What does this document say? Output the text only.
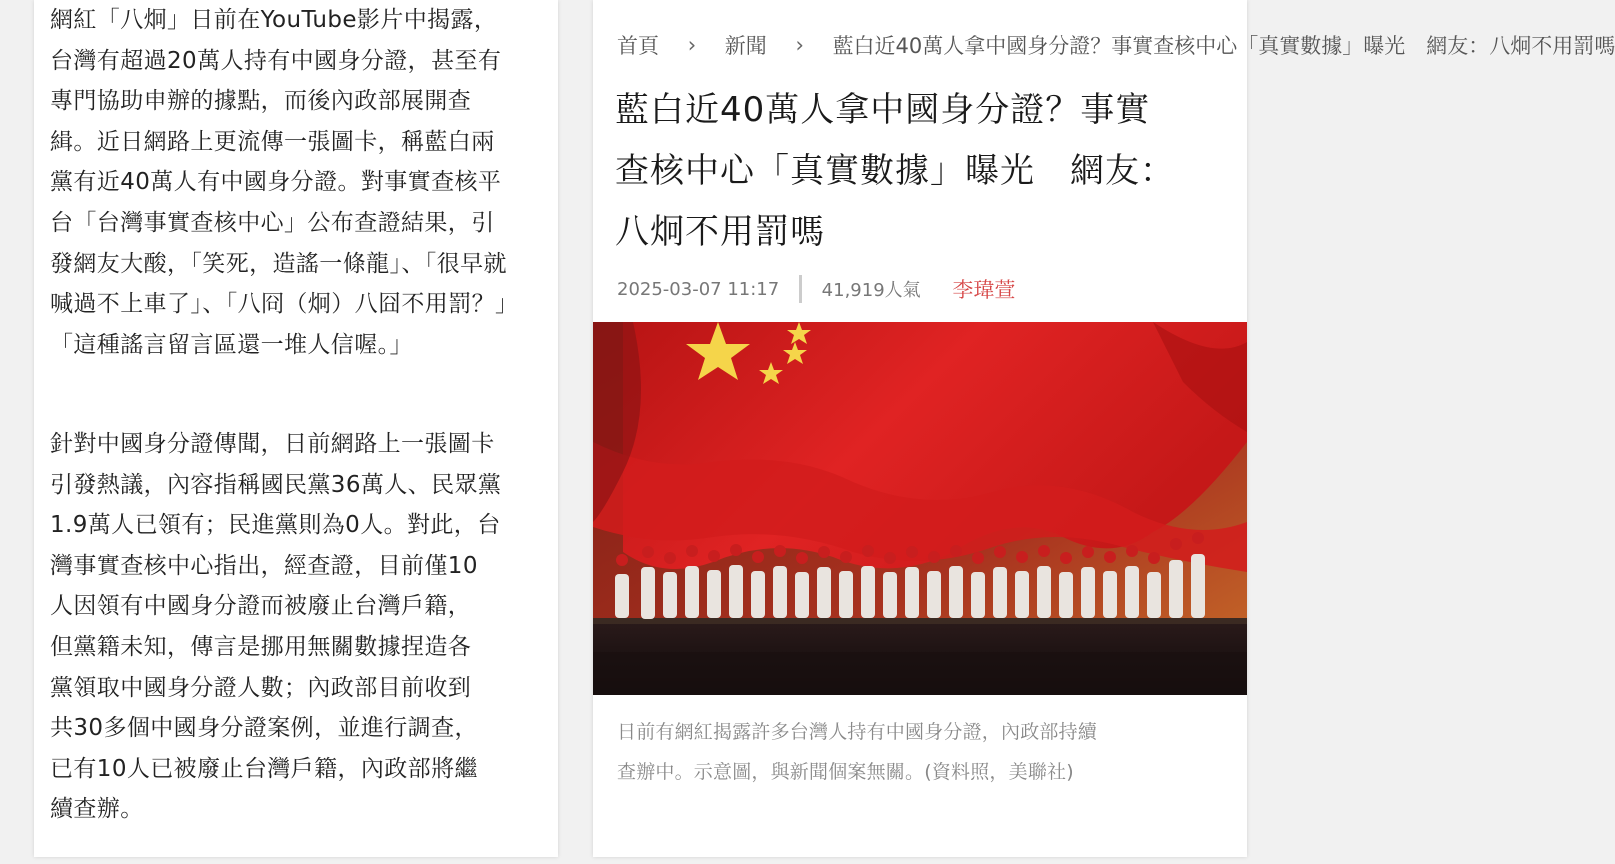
網紅「八炯」日前在YouTube影片中揭露，
台灣有超過20萬人持有中國身分證，甚至有
專門協助申辦的據點，而後內政部展開查
緝。近日網路上更流傳一張圖卡，稱藍白兩
黨有近40萬人有中國身分證。對事實查核平
台「台灣事實查核中心」公布查證結果，引
發網友大酸，「笑死，造謠一條龍」、「很早就
喊過不上車了」、「八冏（炯）八囧不用罰？」
「這種謠言留言區還一堆人信喔。」

針對中國身分證傳聞，日前網路上一張圖卡
引發熱議，內容指稱國民黨36萬人、民眾黨
1.9萬人已領有；民進黨則為0人。對此，台
灣事實查核中心指出，經查證，目前僅10
人因領有中國身分證而被廢止台灣戶籍，
但黨籍未知，傳言是挪用無關數據捏造各
黨領取中國身分證人數；內政部目前收到
共30多個中國身分證案例，並進行調查，
已有10人已被廢止台灣戶籍，內政部將繼
續查辦。

首頁 › 新聞 › 藍白近40萬人拿中國身分證？事實查核中心「真實數據」曝光　網友：八炯不用罰嗎
藍白近40萬人拿中國身分證？事實
查核中心「真實數據」曝光　網友：
八炯不用罰嗎
2025-03-07 11:17 41,919人氣 李瑋萱
日前有網紅揭露許多台灣人持有中國身分證，內政部持續
查辦中。示意圖，與新聞個案無關。(資料照，美聯社)
